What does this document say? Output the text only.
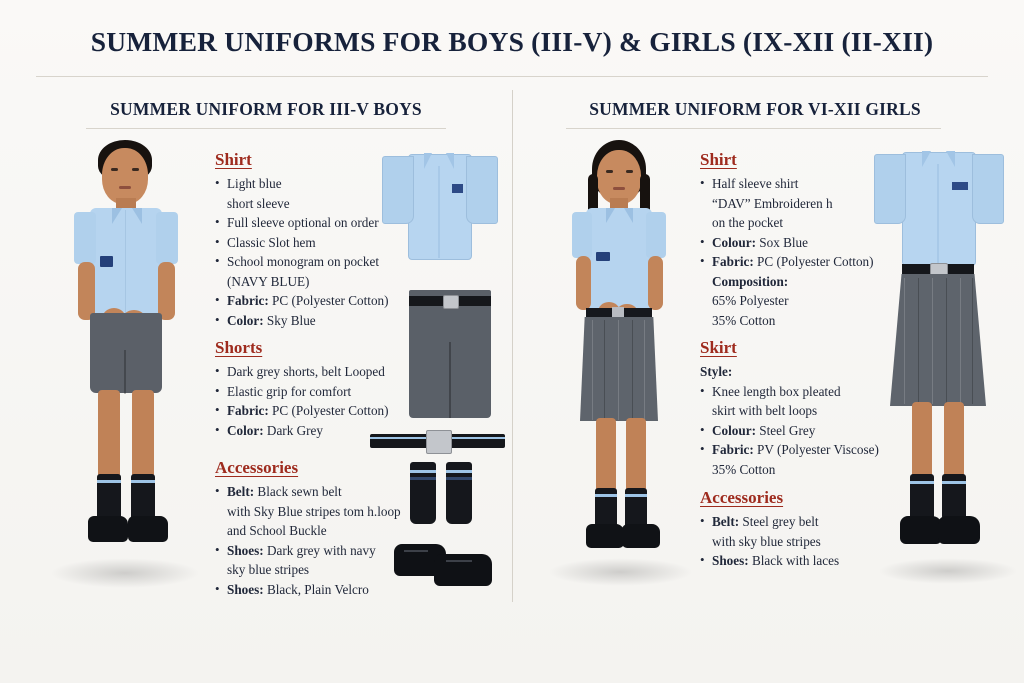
SUMMER UNIFORMS FOR BOYS (III-V) & GIRLS (IX-XII (II-XII)
SUMMER UNIFORM FOR III-V BOYS	SUMMER UNIFORM FOR VI-XII GIRLS
Shirt
• Light blue
short sleeve
• Full sleeve optional on order
• Classic Slot hem
• School monogram on pocket
(NAVY BLUE)
• Fabric: PC (Polyester Cotton)
• Color: Sky Blue
Shorts
• Dark grey shorts, belt Looped
• Elastic grip for comfort
• Fabric: PC (Polyester Cotton)
• Color: Dark Grey
Accessories
• Belt: Black sewn belt
with Sky Blue stripes tom h.loop
and School Buckle
• Shoes: Dark grey with navy
sky blue stripes
• Shoes: Black, Plain Velcro
Shirt
• Half sleeve shirt
“DAV” Embroideren h
on the pocket
• Colour: Sox Blue
• Fabric: PC (Polyester Cotton)
Composition:
65% Polyester
35% Cotton
Skirt
Style:
• Knee length box pleated
skirt with belt loops
• Colour: Steel Grey
• Fabric: PV (Polyester Viscose)
35% Cotton
Accessories
• Belt: Steel grey belt
with sky blue stripes
• Shoes: Black with laces
